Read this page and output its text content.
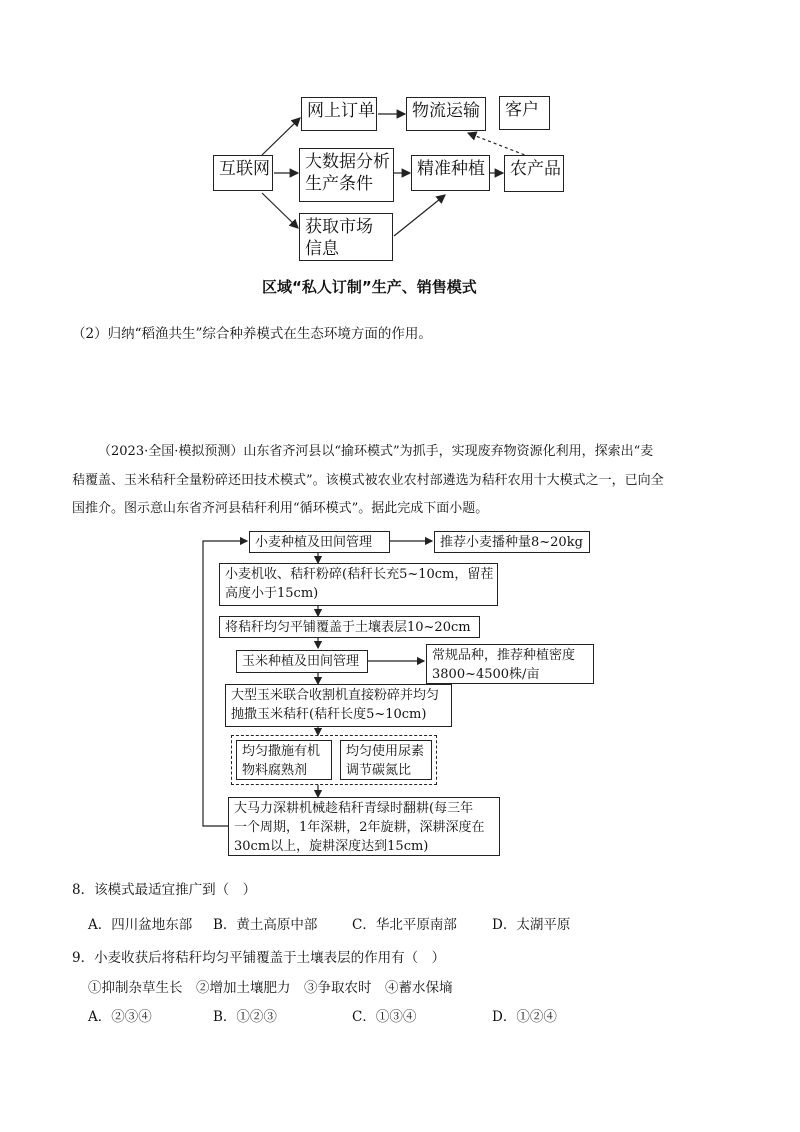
互联网
网上订单	物流运输	客户
大数据分析
生产条件
精准种植	农产品
获取市场
信息
区域“私人订制”生产、销售模式
（2）归纳“稻渔共生”综合种养模式在生态环境方面的作用。
（2023·全国·模拟预测）山东省齐河县以“揄环模式”为抓手，实现废弃物资源化利用，探索出“麦
秸覆盖、玉米秸秆全量粉碎还田技术模式”。该模式被农业农村部遴选为秸秆农用十大模式之一，已向全
国推介。图示意山东省齐河县秸秆利用“循环模式”。据此完成下面小题。
小麦种植及田间管理	推荐小麦播种量8~20kg
小麦机收、秸秆粉碎(秸秆长充5~10cm，留茬
高度小于15cm)
将秸秆均匀平铺覆盖于土壤表层10~20cm
玉米种植及田间管理	常规品种，推荐种植密度
3800~4500株/亩
大型玉米联合收割机直接粉碎并均匀
抛撒玉米秸秆(秸秆长度5~10cm)
均匀撒施有机
物料腐熟剂
均匀使用尿素
调节碳氮比
大马力深耕机械趁秸秆青绿时翻耕(每三年
一个周期，1年深耕，2年旋耕，深耕深度在
30cm以上，旋耕深度达到15cm)
8．该模式最适宜推广到（　）
A．四川盆地东部 B．黄土高原中部	C．华北平原南部	D．太湖平原
9．小麦收获后将秸秆均匀平铺覆盖于土壤表层的作用有（　）
①抑制杂草生长　②增加土壤肥力　③争取农时　④蓄水保墒
A．②③④	B．①②③	C．①③④	D．①②④
